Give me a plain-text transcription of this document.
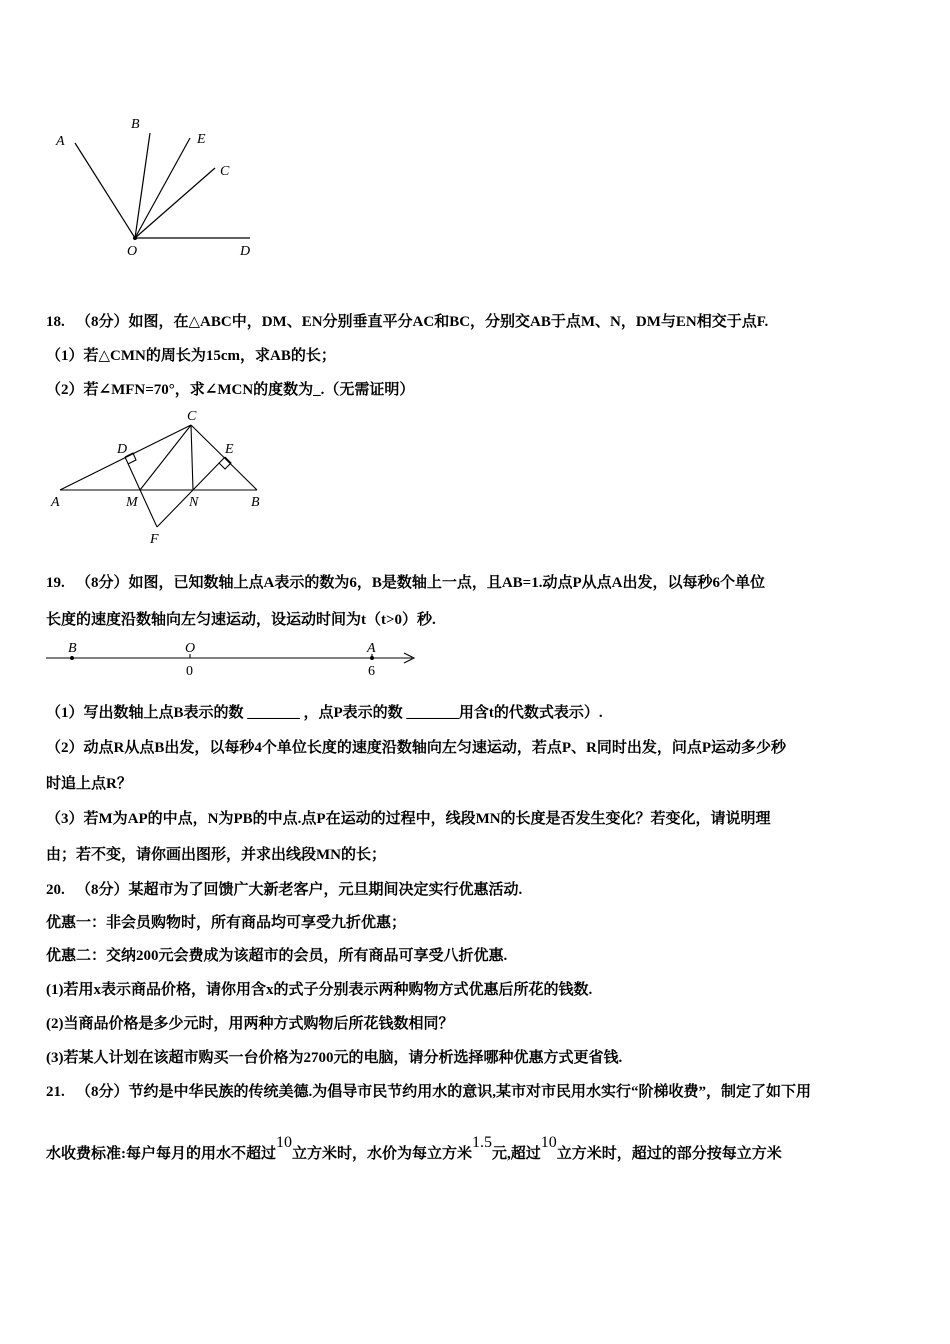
A
B
E
C
O	D
18.   （8分）如图，在△ABC中，DM、EN分别垂直平分AC和BC，分别交AB于点M、N，DM与EN相交于点F.
（1）若△CMN的周长为15cm，求AB的长；
（2）若∠MFN=70°，求∠MCN的度数为_.（无需证明）
A	B
C
D	E
M	N
F
19.   （8分）如图，已知数轴上点A表示的数为6，B是数轴上一点，且AB=1.动点P从点A出发，以每秒6个单位
长度的速度沿数轴向左匀速运动，设运动时间为t（t>0）秒.
B	O	A
0	6
（1）写出数轴上点B表示的数 _______ ，点P表示的数 _______用含t的代数式表示）.
（2）动点R从点B出发，以每秒4个单位长度的速度沿数轴向左匀速运动，若点P、R同时出发，问点P运动多少秒
时追上点R？
（3）若M为AP的中点，N为PB的中点.点P在运动的过程中，线段MN的长度是否发生变化？若变化，请说明理
由；若不变，请你画出图形，并求出线段MN的长；
20.   （8分）某超市为了回馈广大新老客户，元旦期间决定实行优惠活动.
优惠一：非会员购物时，所有商品均可享受九折优惠；
优惠二：交纳200元会费成为该超市的会员，所有商品可享受八折优惠.
(1)若用x表示商品价格，请你用含x的式子分别表示两种购物方式优惠后所花的钱数.
(2)当商品价格是多少元时，用两种方式购物后所花钱数相同？
(3)若某人计划在该超市购买一台价格为2700元的电脑，请分析选择哪种优惠方式更省钱.
21.   （8分）节约是中华民族的传统美德.为倡导市民节约用水的意识,某市对市民用水实行“阶梯收费”，制定了如下用
水收费标准:每户每月的用水不超过10立方米时，水价为每立方米1.5元,超过10立方米时，超过的部分按每立方米
